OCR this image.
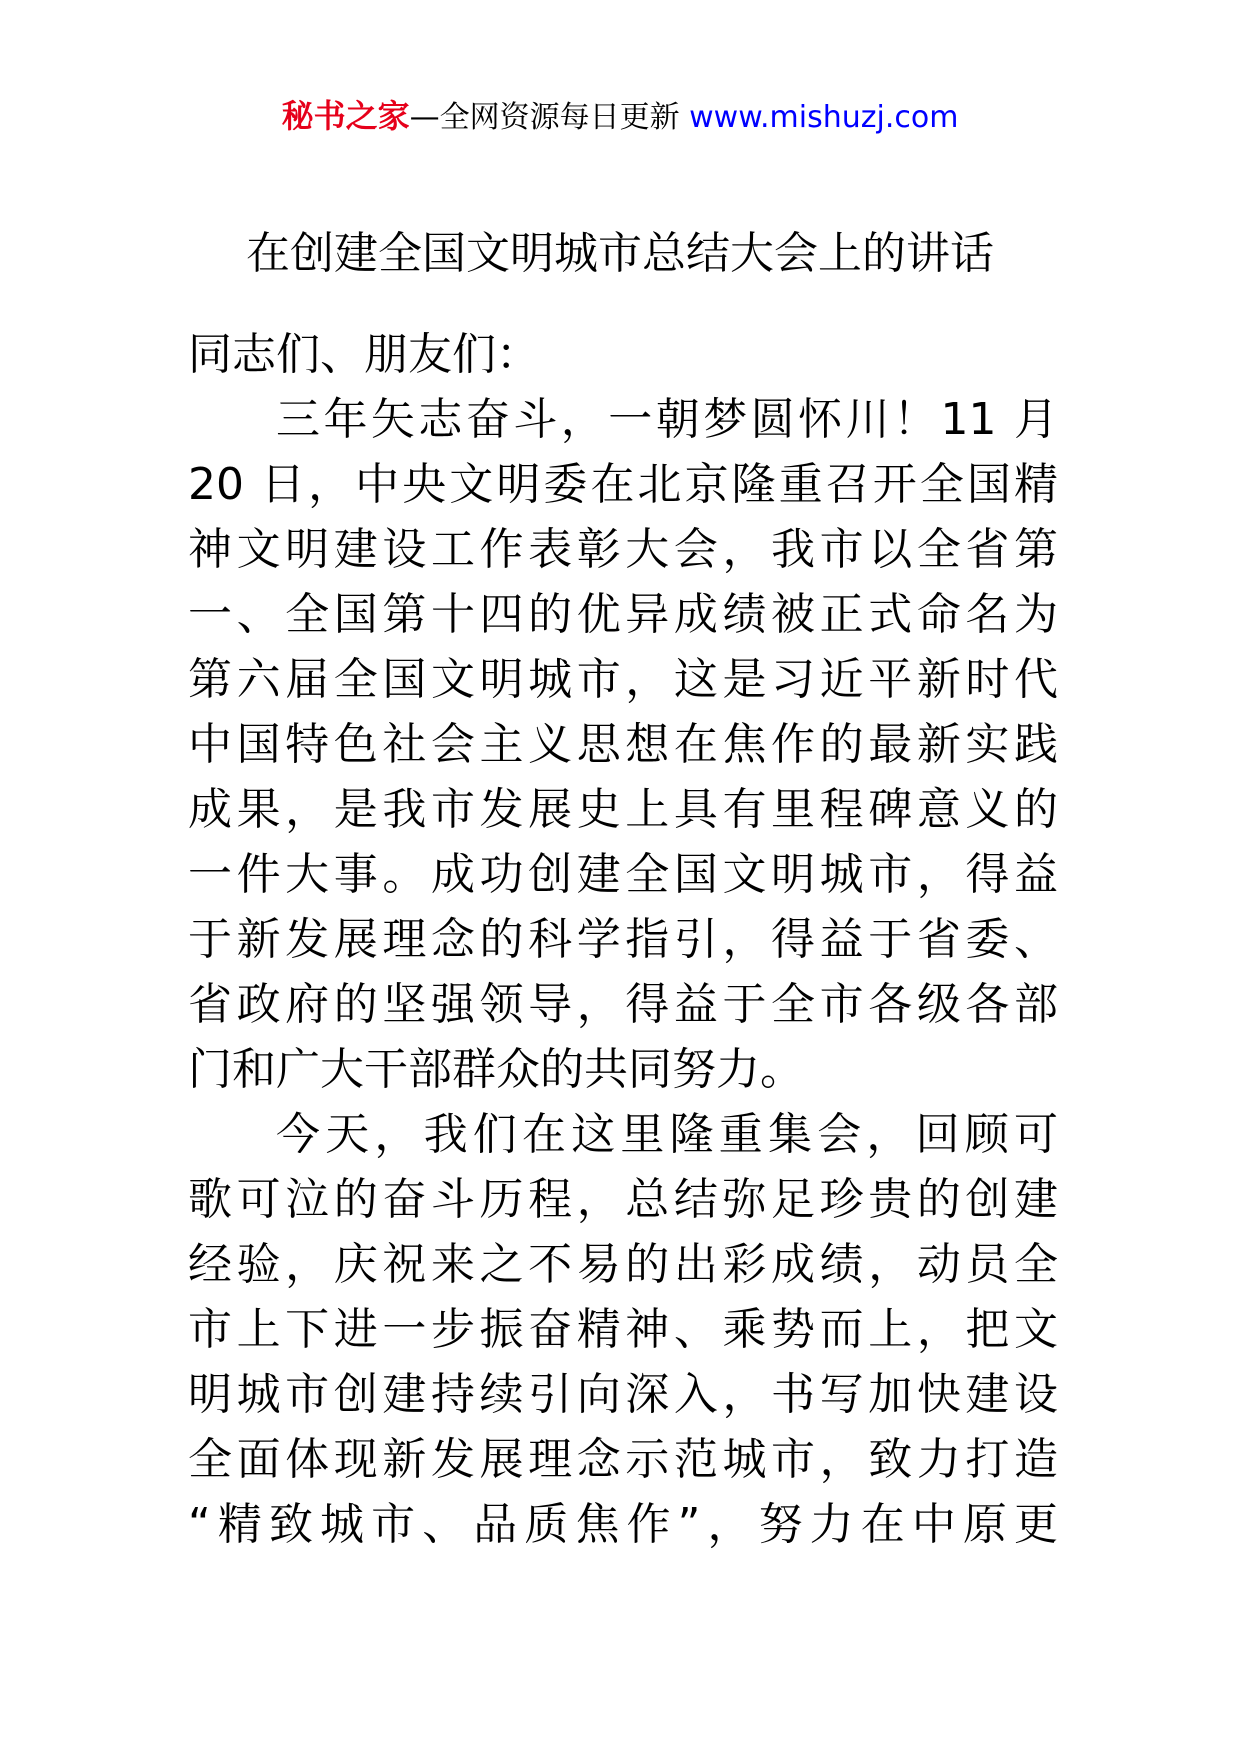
秘书之家—全网资源每日更新 www.mishuzj.com
在创建全国文明城市总结大会上的讲话
同志们、朋友们：
三年矢志奋斗，一朝梦圆怀川！11 月
20 日，中央文明委在北京隆重召开全国精
神文明建设工作表彰大会，我市以全省第
一、全国第十四的优异成绩被正式命名为
第六届全国文明城市，这是习近平新时代
中国特色社会主义思想在焦作的最新实践
成果，是我市发展史上具有里程碑意义的
一件大事。成功创建全国文明城市，得益
于新发展理念的科学指引，得益于省委、
省政府的坚强领导，得益于全市各级各部
门和广大干部群众的共同努力。
今天，我们在这里隆重集会，回顾可
歌可泣的奋斗历程，总结弥足珍贵的创建
经验，庆祝来之不易的出彩成绩，动员全
市上下进一步振奋精神、乘势而上，把文
明城市创建持续引向深入，书写加快建设
全面体现新发展理念示范城市，致力打造
“精致城市、品质焦作”，努力在中原更
